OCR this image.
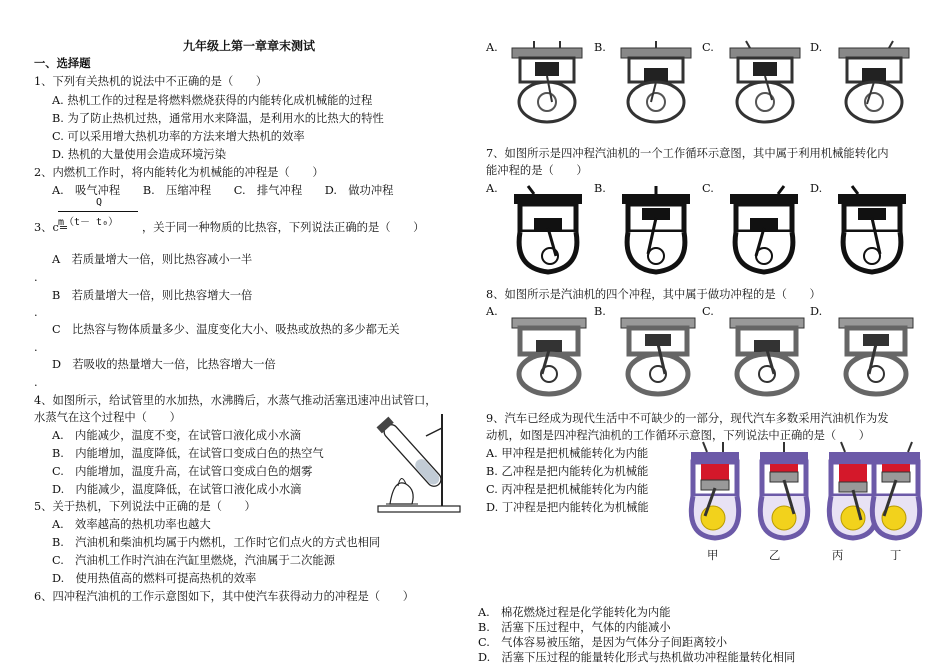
九年级上第一章章末测试
一、选择题
1、下列有关热机的说法中不正确的是（　　）
A. 热机工作的过程是将燃料燃烧获得的内能转化成机械能的过程
B. 为了防止热机过热，通常用水来降温，是利用水的比热大的特性
C. 可以采用增大热机功率的方法来增大热机的效率
D. 热机的大量使用会造成环境污染
2、内燃机工作时，将内能转化为机械能的冲程是（　　）
A.　吸气冲程　　B.　压缩冲程　　C.　排气冲程　　D.　做功冲程
Q
m（t－ t₀）
3、c=	，关于同一种物质的比热容，下列说法正确的是（　　）
A　若质量增大一倍，则比热容减小一半
.
B　若质量增大一倍，则比热容增大一倍
.
C　比热容与物体质量多少、温度变化大小、吸热或放热的多少都无关
.
D　若吸收的热量增大一倍，比热容增大一倍
.
4、如图所示，给试管里的水加热，水沸腾后，水蒸气推动活塞迅速冲出试管口，
水蒸气在这个过程中（　　）
A.　内能减少，温度不变，在试管口液化成小水滴
B.　内能增加，温度降低，在试管口变成白色的热空气
C.　内能增加，温度升高，在试管口变成白色的烟雾
D.　内能减少，温度降低，在试管口液化成小水滴
5、关于热机，下列说法中正确的是（　　）
A.　效率越高的热机功率也越大
B.　汽油机和柴油机均属于内燃机，工作时它们点火的方式也相同
C.　汽油机工作时汽油在汽缸里燃烧，汽油属于二次能源
D.　使用热值高的燃料可提高热机的效率
6、四冲程汽油机的工作示意图如下，其中使汽车获得动力的冲程是（　　）
A.	B.	C.	D.
7、如图所示是四冲程汽油机的一个工作循环示意图，其中属于利用机械能转化内
能冲程的是（　　）
A.	B.	C.	D.
8、如图所示是汽油机的四个冲程，其中属于做功冲程的是（　　）
A.	B.	C.	D.
9、汽车已经成为现代生活中不可缺少的一部分，现代汽车多数采用汽油机作为发
动机，如图是四冲程汽油机的工作循环示意图，下列说法中正确的是（　　）
A. 甲冲程是把机械能转化为内能
B. 乙冲程是把内能转化为机械能
C. 丙冲程是把机械能转化为内能
D. 丁冲程是把内能转化为机械能
甲	乙	丙	丁
A.　棉花燃烧过程是化学能转化为内能
B.　活塞下压过程中，气体的内能减小
C.　气体容易被压缩，是因为气体分子间距离较小
D.　活塞下压过程的能量转化形式与热机做功冲程能量转化相同
